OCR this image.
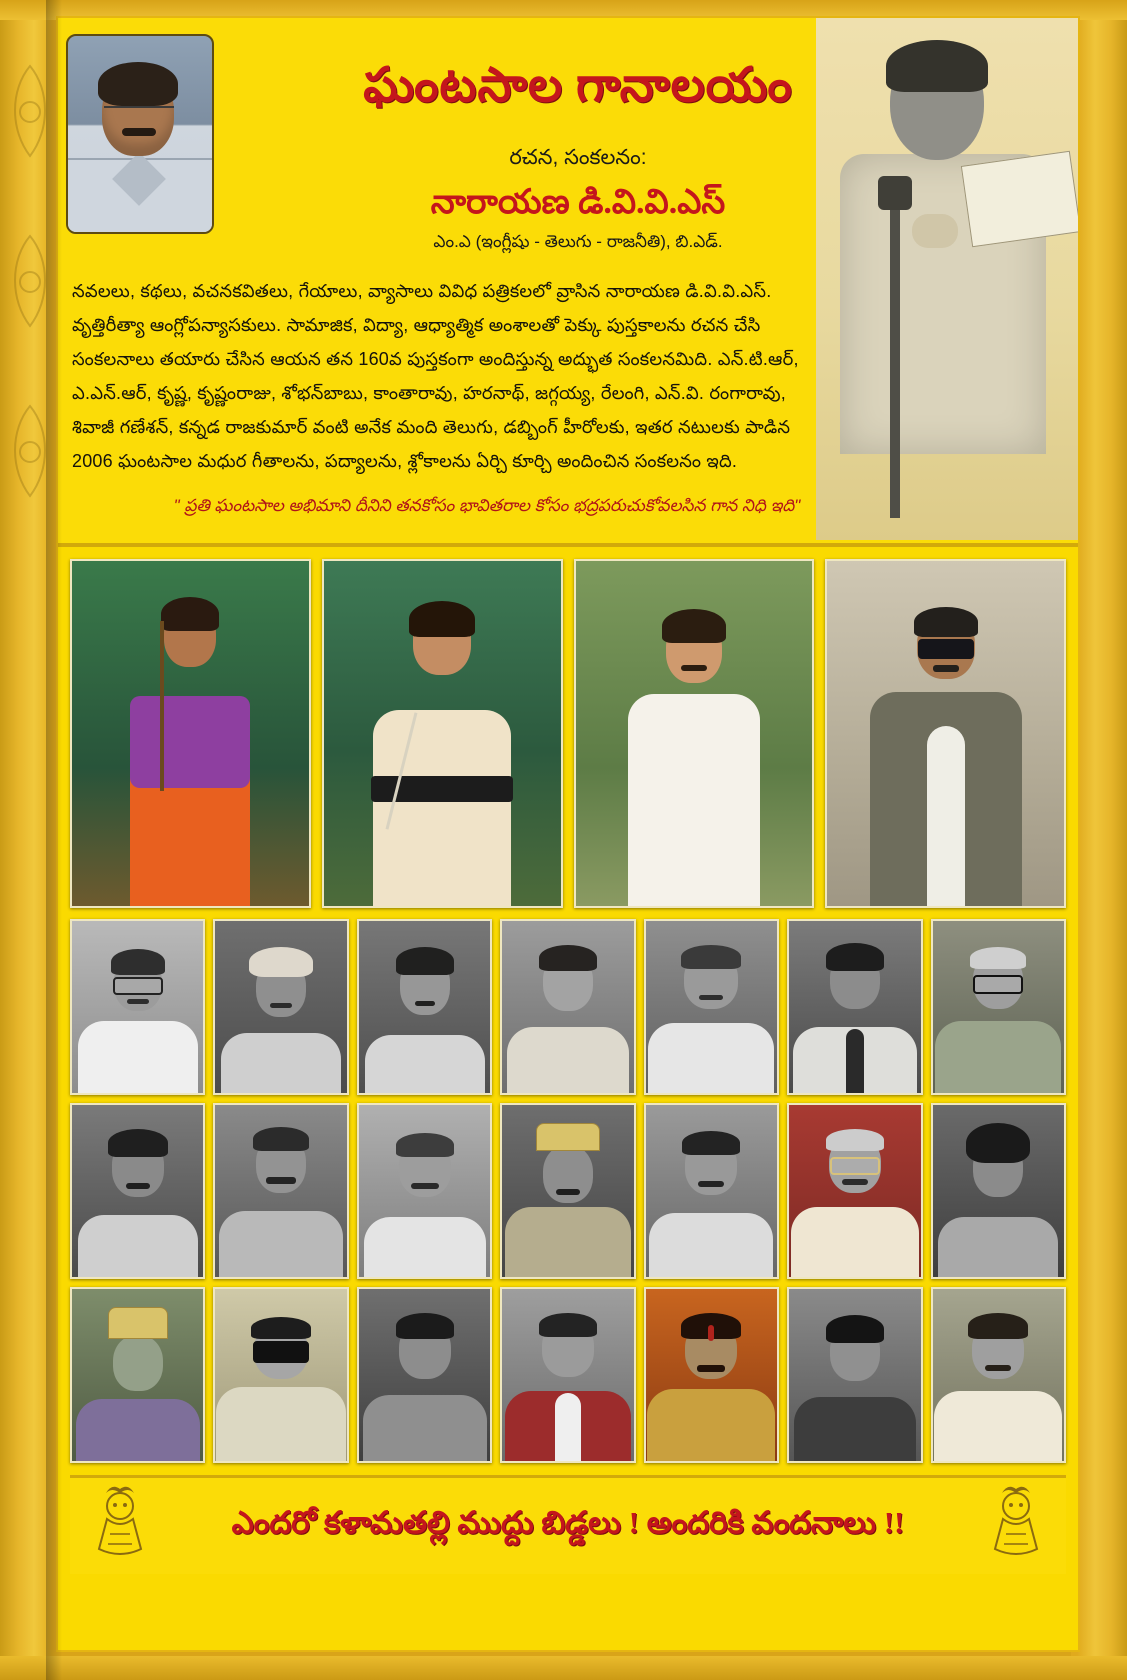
ఘంటసాల గానాలయం
రచన, సంకలనం:
నారాయణ డి.వి.వి.ఎస్
ఎం.ఎ (ఇంగ్లీషు - తెలుగు - రాజనీతి), బి.ఎడ్.

నవలలు, కథలు, వచనకవితలు, గేయాలు, వ్యాసాలు వివిధ పత్రికలలో వ్రాసిన నారాయణ డి.వి.వి.ఎస్.

వృత్తిరీత్యా ఆంగ్లోపన్యాసకులు. సామాజిక, విద్యా, ఆధ్యాత్మిక అంశాలతో పెక్కు పుస్తకాలను రచన చేసి

సంకలనాలు తయారు చేసిన ఆయన తన 160వ పుస్తకంగా అందిస్తున్న అద్భుత సంకలనమిది. ఎన్.టి.ఆర్,

ఎ.ఎన్.ఆర్, కృష్ణ, కృష్ణంరాజు, శోభన్‌బాబు, కాంతారావు, హరనాథ్, జగ్గయ్య, రేలంగి, ఎన్.వి. రంగారావు,

శివాజీ గణేశన్, కన్నడ రాజకుమార్ వంటి అనేక మంది తెలుగు, డబ్బింగ్ హీరోలకు, ఇతర నటులకు పాడిన

2006 ఘంటసాల మధుర గీతాలను, పద్యాలను, శ్లోకాలను ఏర్చి కూర్చి అందించిన సంకలనం ఇది.

" ప్రతి ఘంటసాల అభిమాని దీనిని తనకోసం భావితరాల కోసం భద్రపరుచుకోవలసిన గాన నిధి ఇది"
ఎందరో కళామతల్లి ముద్దు బిడ్డలు ! అందరికి వందనాలు !!
